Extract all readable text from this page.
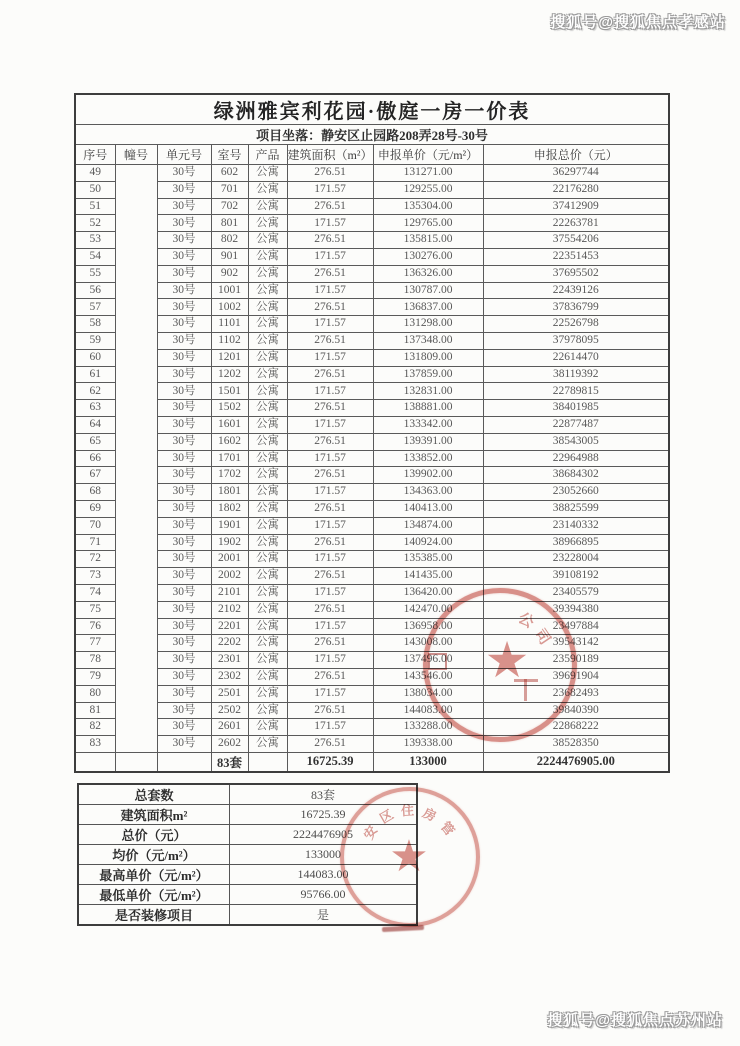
搜狐号@搜狐焦点孝感站
绿洲雅宾利花园·傲庭一房一价表							
项目坐落：静安区止园路208弄28号-30号							
序号	幢号	单元号	室号	产品	建筑面积（m²）	申报单价（元/m²）	申报总价（元）
49		30号	602	公寓	276.51	131271.00	36297744
50		30号	701	公寓	171.57	129255.00	22176280
51		30号	702	公寓	276.51	135304.00	37412909
52		30号	801	公寓	171.57	129765.00	22263781
53		30号	802	公寓	276.51	135815.00	37554206
54		30号	901	公寓	171.57	130276.00	22351453
55		30号	902	公寓	276.51	136326.00	37695502
56		30号	1001	公寓	171.57	130787.00	22439126
57		30号	1002	公寓	276.51	136837.00	37836799
58		30号	1101	公寓	171.57	131298.00	22526798
59		30号	1102	公寓	276.51	137348.00	37978095
60		30号	1201	公寓	171.57	131809.00	22614470
61		30号	1202	公寓	276.51	137859.00	38119392
62		30号	1501	公寓	171.57	132831.00	22789815
63		30号	1502	公寓	276.51	138881.00	38401985
64		30号	1601	公寓	171.57	133342.00	22877487
65		30号	1602	公寓	276.51	139391.00	38543005
66		30号	1701	公寓	171.57	133852.00	22964988
67		30号	1702	公寓	276.51	139902.00	38684302
68		30号	1801	公寓	171.57	134363.00	23052660
69		30号	1802	公寓	276.51	140413.00	38825599
70		30号	1901	公寓	171.57	134874.00	23140332
71		30号	1902	公寓	276.51	140924.00	38966895
72		30号	2001	公寓	171.57	135385.00	23228004
73		30号	2002	公寓	276.51	141435.00	39108192
74		30号	2101	公寓	171.57	136420.00	23405579
75		30号	2102	公寓	276.51	142470.00	39394380
76		30号	2201	公寓	171.57	136958.00	23497884
77		30号	2202	公寓	276.51	143008.00	39543142
78		30号	2301	公寓	171.57	137496.00	23590189
79		30号	2302	公寓	276.51	143546.00	39691904
80		30号	2501	公寓	171.57	138034.00	23682493
81		30号	2502	公寓	276.51	144083.00	39840390
82		30号	2601	公寓	171.57	133288.00	22868222
83		30号	2602	公寓	276.51	139338.00	38528350
			83套		16725.39	133000	2224476905.00
总套数	83套
建筑面积m²	16725.39
总价（元）	2224476905
均价（元/m²）	133000
最高单价（元/m²）	144083.00
最低单价（元/m²）	95766.00
是否装修项目	是
★
公
司
★
安
区 住 房
管
搜狐号@搜狐焦点苏州站
